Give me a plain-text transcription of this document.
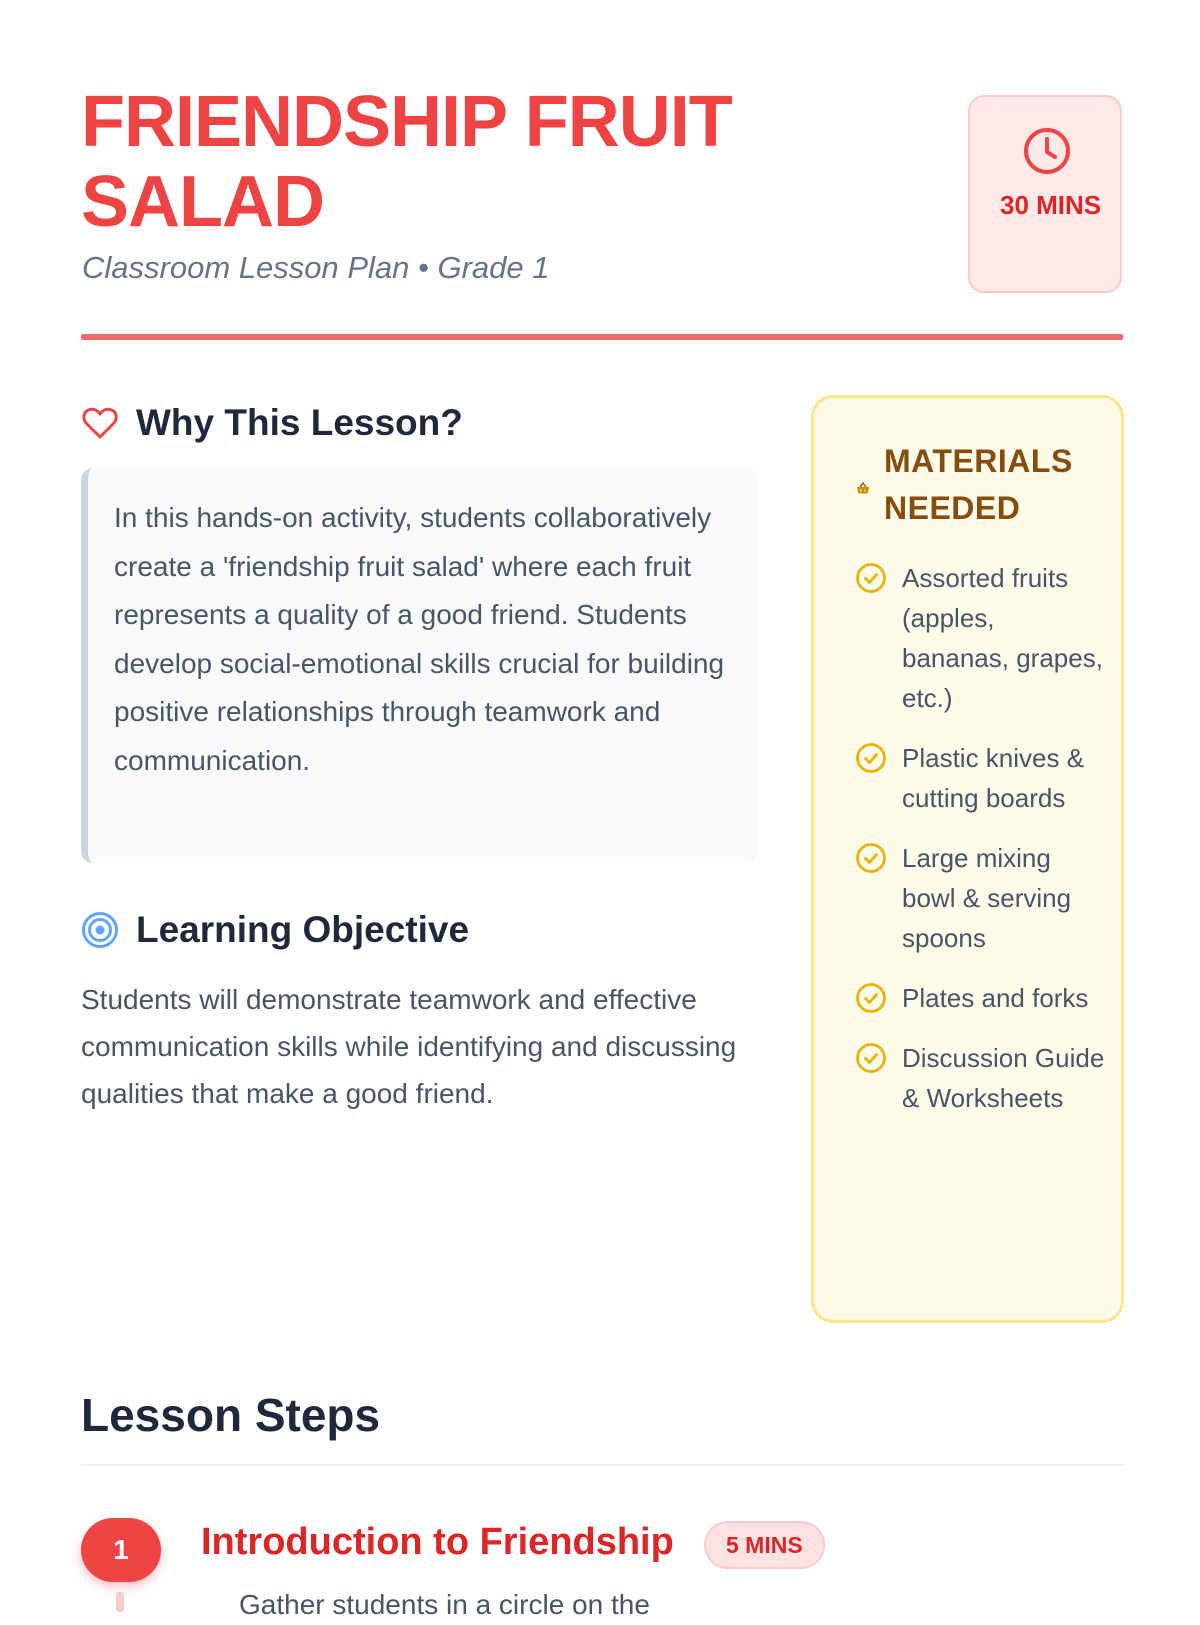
FRIENDSHIP FRUIT SALAD
Classroom Lesson Plan • Grade 1
30 MINS
Why This Lesson?

In this hands-on activity, students collaboratively create a 'friendship fruit salad' where each fruit represents a quality of a good friend. Students develop social-emotional skills crucial for building positive relationships through teamwork and communication.

Learning Objective

Students will demonstrate teamwork and effective communication skills while identifying and discussing qualities that make a good friend.

MATERIALS NEEDED
Assorted fruits (apples, bananas, grapes, etc.)
Plastic knives & cutting boards
Large mixing bowl & serving spoons
Plates and forks
Discussion Guide & Worksheets
Lesson Steps
1	Introduction to Friendship	5 MINS
Gather students in a circle on the
